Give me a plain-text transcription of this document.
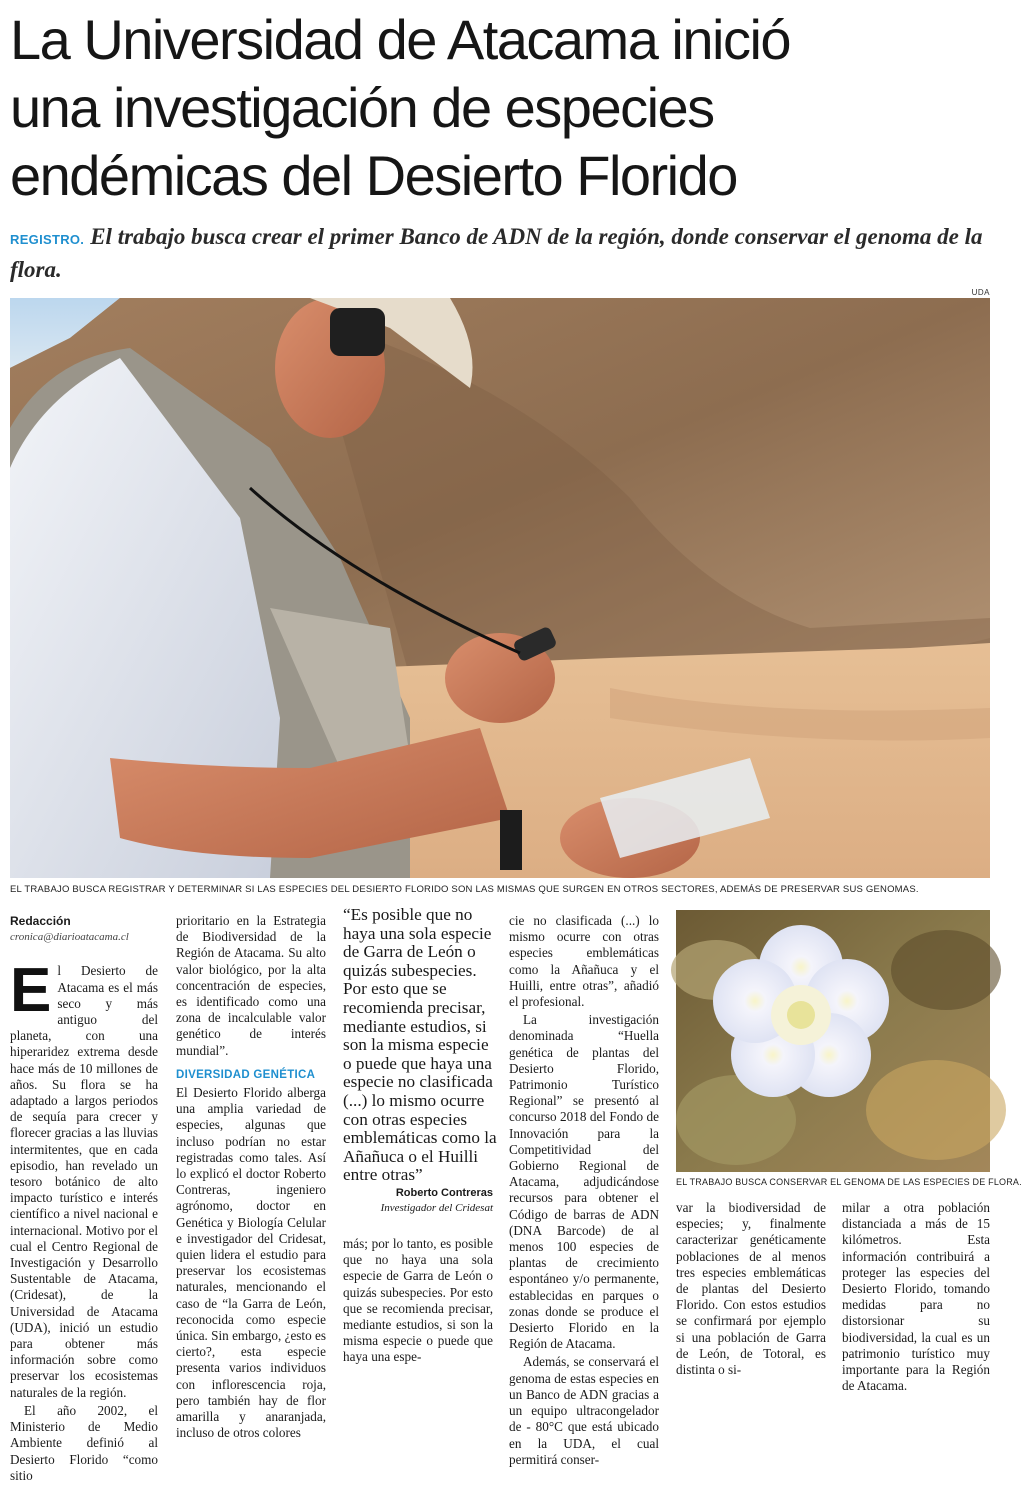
La Universidad de Atacama inició
una investigación de especies
endémicas del Desierto Florido
REGISTRO. El trabajo busca crear el primer Banco de ADN de la región, donde conservar el genoma de la flora.
UDA
EL TRABAJO BUSCA REGISTRAR Y DETERMINAR SI LAS ESPECIES DEL DESIERTO FLORIDO SON LAS MISMAS QUE SURGEN EN OTROS SECTORES, ADEMÁS DE PRESERVAR SUS GENOMAS.
Redacción
cronica@diarioatacama.cl

El Desierto de Atacama es el más seco y más antiguo del planeta, con una hiperaridez extrema desde hace más de 10 millones de años. Su flora se ha adaptado a largos periodos de sequía para crecer y florecer gracias a las lluvias intermitentes, que en cada episodio, han revelado un tesoro botánico de alto impacto turístico e interés científico a nivel nacional e internacional. Motivo por el cual el Centro Regional de Investigación y Desarrollo Sustentable de Atacama, (Cridesat), de la Universidad de Atacama (UDA), inició un estudio para obtener más información sobre como preservar los ecosistemas naturales de la región.

El año 2002, el Ministerio de Medio Ambiente definió al Desierto Florido “como sitio

prioritario en la Estrategia de Biodiversidad de la Región de Atacama. Su alto valor biológico, por la alta concentración de especies, es identificado como una zona de incalculable valor genético de interés mundial”.

DIVERSIDAD GENÉTICA

El Desierto Florido alberga una amplia variedad de especies, algunas que incluso podrían no estar registradas como tales. Así lo explicó el doctor Roberto Contreras, ingeniero agrónomo, doctor en Genética y Biología Celular e investigador del Cridesat, quien lidera el estudio para preservar los ecosistemas naturales, mencionando el caso de “la Garra de León, reconocida como especie única. Sin embargo, ¿esto es cierto?, esta especie presenta varios individuos con inflorescencia roja, pero también hay de flor amarilla y anaranjada, incluso de otros colores

“Es posible que no haya una sola especie de Garra de León o quizás subespecies. Por esto que se recomienda precisar, mediante estudios, si son la misma especie o puede que haya una especie no clasificada (...) lo mismo ocurre con otras especies emblemáticas como la Añañuca o el Huilli entre otras”
Roberto Contreras
Investigador del Cridesat

más; por lo tanto, es posible que no haya una sola especie de Garra de León o quizás subespecies. Por esto que se recomienda precisar, mediante estudios, si son la misma especie o puede que haya una espe-

cie no clasificada (...) lo mismo ocurre con otras especies emblemáticas como la Añañuca y el Huilli, entre otras”, añadió el profesional.

La investigación denominada “Huella genética de plantas del Desierto Florido, Patrimonio Turístico Regional” se presentó al concurso 2018 del Fondo de Innovación para la Competitividad del Gobierno Regional de Atacama, adjudicándose recursos para obtener el Código de barras de ADN (DNA Barcode) de al menos 100 especies de plantas de crecimiento espontáneo y/o permanente, establecidas en parques o zonas donde se produce el Desierto Florido en la Región de Atacama.

Además, se conservará el genoma de estas especies en un Banco de ADN gracias a un equipo ultracongelador de - 80°C que está ubicado en la UDA, el cual permitirá conser-

EL TRABAJO BUSCA CONSERVAR EL GENOMA DE LAS ESPECIES DE FLORA.

var la biodiversidad de especies; y, finalmente caracterizar genéticamente poblaciones de al menos tres especies emblemáticas de plantas del Desierto Florido. Con estos estudios se confirmará por ejemplo si una población de Garra de León, de Totoral, es distinta o si-

milar a otra población distanciada a más de 15 kilómetros. Esta información contribuirá a proteger las especies del Desierto Florido, tomando medidas para no distorsionar su biodiversidad, la cual es un patrimonio turístico muy importante para la Región de Atacama.
